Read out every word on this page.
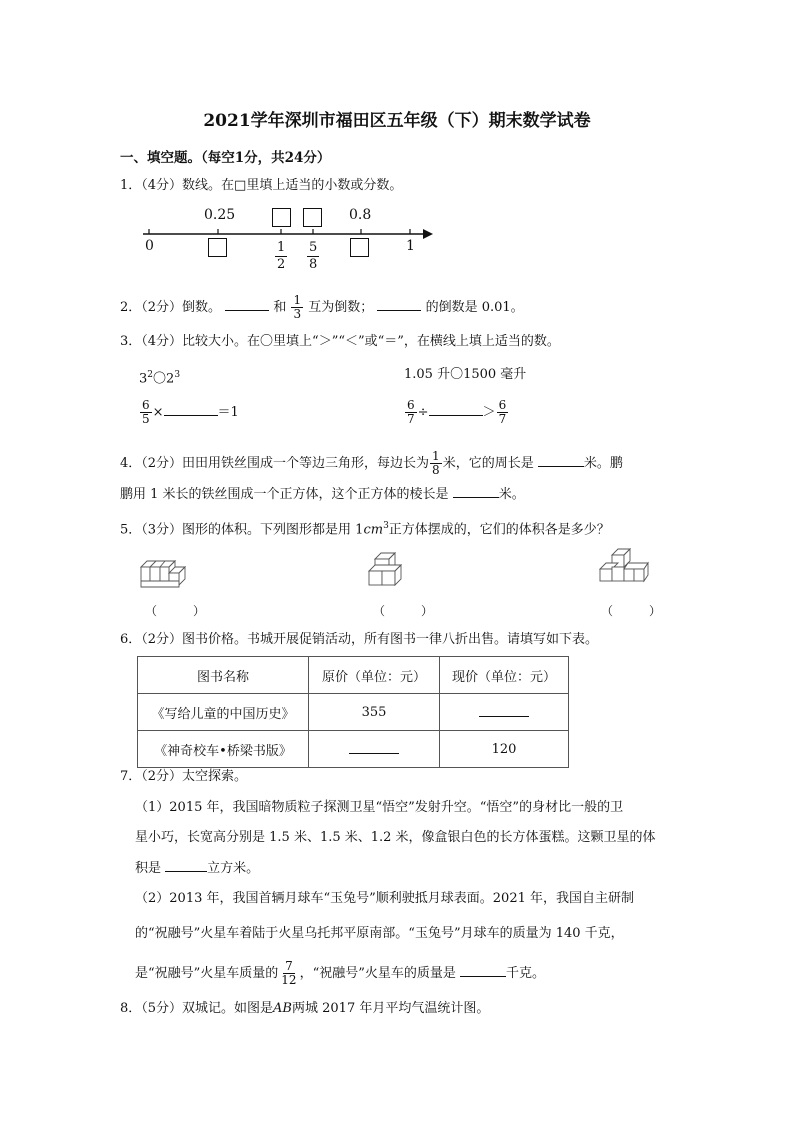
2021学年深圳市福田区五年级（下）期末数学试卷
一、填空题。（每空1分，共24分）
1．（4分）数线。在□里填上适当的小数或分数。
0	1
0.25	0.8
$\frac{1}{2} \frac{5}{8}$
2．（2分）倒数。	和 $\frac{1}{3}$ 互为倒数；	的倒数是 0.01。
3．（4分）比较大小。在〇里填上“＞”“＜”或“＝”，在横线上填上适当的数。
$3^2$〇$2^3$	1.05 升〇1500 毫升
$\frac{6}{5}$ ×	＝1	$\frac{6}{7}$ ÷	＞ $\frac{6}{7}$
4．（2分）田田用铁丝围成一个等边三角形，每边长为 $\frac{1}{8}$ 米，它的周长是	米。鹏
鹏用 1 米长的铁丝围成一个正方体，这个正方体的棱长是	米。
5．（3分）图形的体积。下列图形都是用 $1cm^3$正方体摆成的，它们的体积各是多少？
（　　　）	（　　　）	（　　　）
6．（2分）图书价格。书城开展促销活动，所有图书一律八折出售。请填写如下表。
图书名称	原价（单位：元）	现价（单位：元）
《写给儿童的中国历史》	355	
《神奇校车•桥梁书版》		120
7．（2分）太空探索。
（1）2015 年，我国暗物质粒子探测卫星“悟空”发射升空。“悟空”的身材比一般的卫
星小巧，长宽高分别是 1.5 米、1.5 米、1.2 米，像盒银白色的长方体蛋糕。这颗卫星的体
积是	立方米。
（2）2013 年，我国首辆月球车“玉兔号”顺利驶抵月球表面。2021 年，我国自主研制
的“祝融号”火星车着陆于火星乌托邦平原南部。“玉兔号”月球车的质量为 140 千克，
是“祝融号”火星车质量的 $\frac{7}{12}$ ，“祝融号”火星车的质量是	千克。
8．（5分）双城记。如图是AB两城 2017 年月平均气温统计图。
